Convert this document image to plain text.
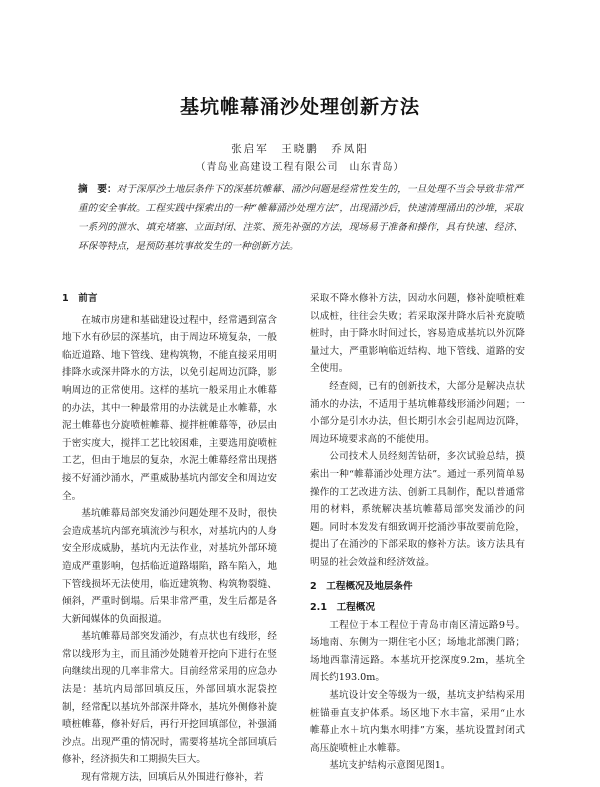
基坑帷幕涌沙处理创新方法
张启军　王晓鹏　乔凤阳
（青岛业高建设工程有限公司　山东青岛）
摘　要：对于深厚沙土地层条件下的深基坑帷幕、涌沙问题是经常性发生的，一旦处理不当会导致非常严重的安全事故。工程实践中探索出的一种“帷幕涌沙处理方法”，出现涌沙后，快速清理涌出的沙堆，采取一系列的泄水、填充堵塞、立面封闭、注浆、预先补强的方法，现场易于准备和操作，具有快速、经济、环保等特点，是预防基坑事故发生的一种创新方法。
1　前言

在城市房建和基础建设过程中，经常遇到富含地下水有砂层的深基坑，由于周边环境复杂，一般临近道路、地下管线、建构筑物，不能直接采用明排降水或深井降水的方法，以免引起周边沉降，影响周边的正常使用。这样的基坑一般采用止水帷幕的办法，其中一种最常用的办法就是止水帷幕，水泥土帷幕也分旋喷桩帷幕、搅拌桩帷幕等，砂层由于密实度大，搅拌工艺比较困难，主要选用旋喷桩工艺，但由于地层的复杂，水泥土帷幕经常出现搭接不好涌沙涌水，严重威胁基坑内部安全和周边安全。

基坑帷幕局部突发涌沙问题处理不及时，很快会造成基坑内部充填流沙与积水，对基坑内的人身安全形成威胁，基坑内无法作业，对基坑外部环境造成严重影响，包括临近道路塌陷，路车陷入，地下管线损坏无法使用，临近建筑物、构筑物裂缝、倾斜，严重时倒塌。后果非常严重，发生后都是各大新闻媒体的负面报道。

基坑帷幕局部突发涌沙，有点状也有线形，经常以线形为主，而且涌沙处随着开挖向下进行在竖向继续出现的几率非常大。目前经常采用的应急办法是：基坑内局部回填反压，外部回填水泥袋控制，经常配以基坑外部深井降水，基坑外侧修补旋喷桩帷幕，修补好后，再行开挖回填部位，补强涌沙点。出现严重的情况时，需要将基坑全部回填后修补，经济损失和工期损失巨大。

现有常规方法，回填后从外围进行修补，若

采取不降水修补方法，因动水问题，修补旋喷桩难以成桩，往往会失败；若采取深井降水后补充旋喷桩时，由于降水时间过长，容易造成基坑以外沉降量过大，严重影响临近结构、地下管线、道路的安全使用。

经查阅，已有的创新技术，大部分是解决点状涌水的办法，不适用于基坑帷幕线形涌沙问题；一小部分是引水办法，但长期引水会引起周边沉降，周边环境要求高的不能使用。

公司技术人员经刻苦钻研，多次试验总结，摸索出一种“帷幕涌沙处理方法”。通过一系列简单易操作的工艺改进方法、创新工具制作，配以普通常用的材料，系统解决基坑帷幕局部突发涌沙的问题。同时本发发有细致调开挖涌沙事故要前危险，提出了在涌沙的下部采取的修补方法。该方法具有明显的社会效益和经济效益。

2　工程概况及地层条件
2.1　工程概况

工程位于本工程位于青岛市南区清远路9号。场地南、东侧为一期住宅小区；场地北部澳门路；场地西靠清远路。本基坑开挖深度9.2m，基坑全周长约193.0m。

基坑设计安全等级为一级，基坑支护结构采用桩锚垂直支护体系。场区地下水丰富，采用“止水帷幕止水＋坑内集水明排”方案，基坑设置封闭式高压旋喷桩止水帷幕。

基坑支护结构示意图见图1。
